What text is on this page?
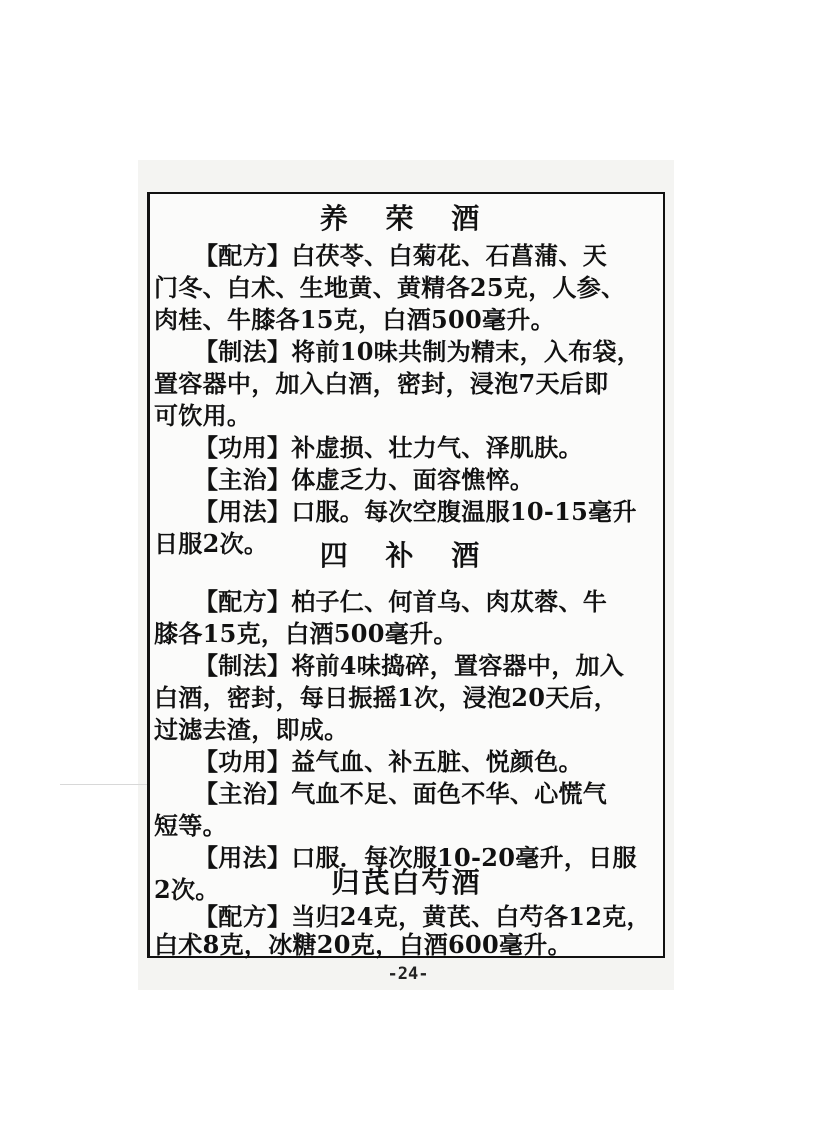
养 荣 酒
【配方】白茯苓、白菊花、石菖蒲、天
门冬、白术、生地黄、黄精各25克，人参、
肉桂、牛膝各15克，白酒500毫升。
【制法】将前10味共制为精末，入布袋，
置容器中，加入白酒，密封，浸泡7天后即
可饮用。
【功用】补虚损、壮力气、泽肌肤。
【主治】体虚乏力、面容憔悴。
【用法】口服。每次空腹温服10-15毫升
日服2次。	四 补 酒
【配方】柏子仁、何首乌、肉苁蓉、牛
膝各15克，白酒500毫升。
【制法】将前4味捣碎，置容器中，加入
白酒，密封，每日振摇1次，浸泡20天后，
过滤去渣，即成。
【功用】益气血、补五脏、悦颜色。
【主治】气血不足、面色不华、心慌气
短等。
【用法】口服．每次服10-20毫升，日服
2次。	归芪白芍酒
【配方】当归24克，黄芪、白芍各12克，
白术8克，冰糖20克，白酒600毫升。
-24-
